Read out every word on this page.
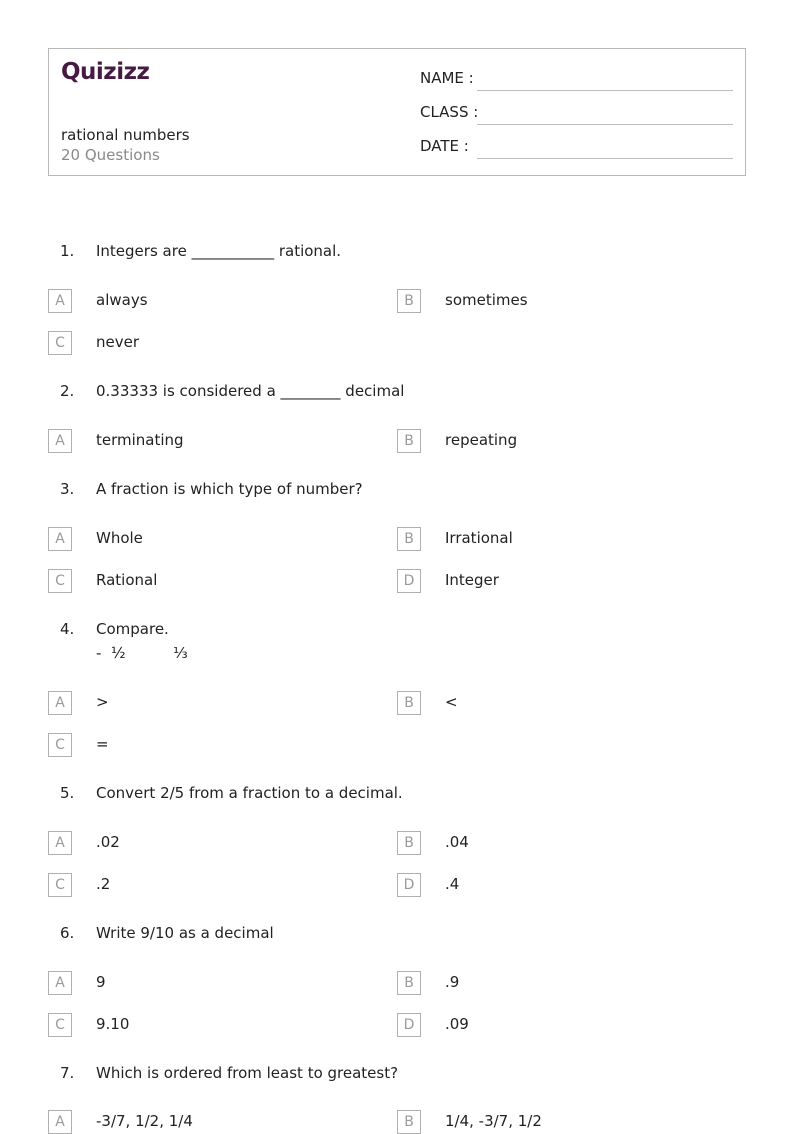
Quizizz
rational numbers
20 Questions
NAME :
CLASS :
DATE :
1. Integers are ___________ rational.
A	always	B	sometimes
C	never
2. 0.33333 is considered a ________ decimal
A	terminating	B	repeating
3. A fraction is which type of number?
A	Whole	B	Irrational
C	Rational	D	Integer
4. Compare.
-  ½          ⅓
A	>	B	<
C	=
5. Convert 2/5 from a fraction to a decimal.
A	.02	B	.04
C	.2	D	.4
6. Write 9/10 as a decimal
A	9	B	.9
C	9.10	D	.09
7. Which is ordered from least to greatest?
A	-3/7, 1/2, 1/4	B	1/4, -3/7, 1/2
